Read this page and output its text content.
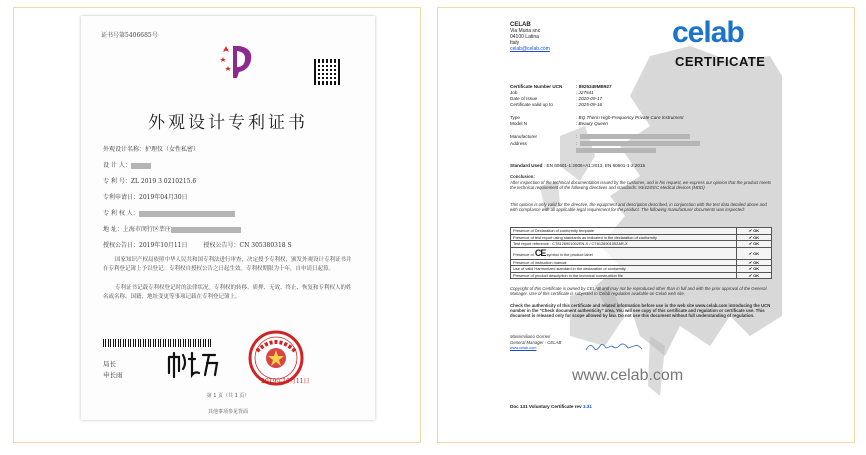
证书号第5406685号
外观设计专利证书
外观设计名称：护理仪（女性私密）
设 计 人：
专 利 号：ZL 2019 3 0210215.6
专利申请日：2019年04月30日
专 利 权 人：
地 址：上海市闵行区莘庄
授权公告日：2019年10月11日	授权公告号：CN 305380318 S
国家知识产权局依照中华人民共和国专利法进行审查，决定授予专利权，颁发外观设计专利证书并在专利登记簿上予以登记。专利权自授权公告之日起生效。专利权期限为十年，自申请日起算。
专利证书记载专利权登记时的法律状况。专利权的转移、质押、无效、终止、恢复和专利权人的姓名或名称、国籍、地址变更等事项记载在专利登记簿上。
局长
申长雨
2019年10月11日
第 1 页（共 1 页）
其他事项参见背面
CELAB
Via Muria snc
04100 Latina
Italy
celab@celab.com	celab
CERTIFICATE
Certificate Number UCN	: 8925349MB927
Job	: J27541
Date of Issue	: 2020-09-17
Certificate valid up to	: 2025-09-16
Type	: BQ Therm High-Frequency Private Care Instrument
Model N	: Beauty Queen
Manufacturer	:
Address	:
Standard Used : EN 60601-1:2006+A1:2013, EN 60601-1-2:2015
Conclusion:
After inspection of the technical documentation issued by the customer, and in his request, we express our opinion that the product meets the technical requirement of the following directives and standards: 93/42/EEC Medical devices (MDD)
This opinion is only valid for the directive, the equipment and description described, in conjunction with the test data detailed above and with compliance with all applicable legal requirement for the product. The following manufacturer documents was inspected:
Presence of Declaration of conformity template	✔ OK
Presence of test report using standards as indicated in the declaration of conformity	✔ OK
Test report reference : CT8126901002EN-X / CT8126901002AR-X	✔ OK
Presence of CE symbol in the product label	✔ OK
Presence of instruction manual	✔ OK
Use of valid Harmonized standard in the declaration of conformity	✔ OK
Presence of product description in the technical construction file	✔ OK
Copyright of this Certificate is owned by CELAB and may not be reproduced other than in full and with the prior approval of the General Manager. Use of this certificate is subjected to Celab regulation available on Celab web site.
Check the authenticity of this certificate and related information before use in the web site www.celab.com introducing the UCN number in the "Check document authenticity" area. You will see copy of this certificate and regulation or certificate use. This document is released only for scope allowed by law. Do not use this document without full understanding of regulation.
Massimiliano Gorrieri
General Manager - CELAB
www.celab.com
www.celab.com
Doc 131 Voluntary Certificate rev 3.31
